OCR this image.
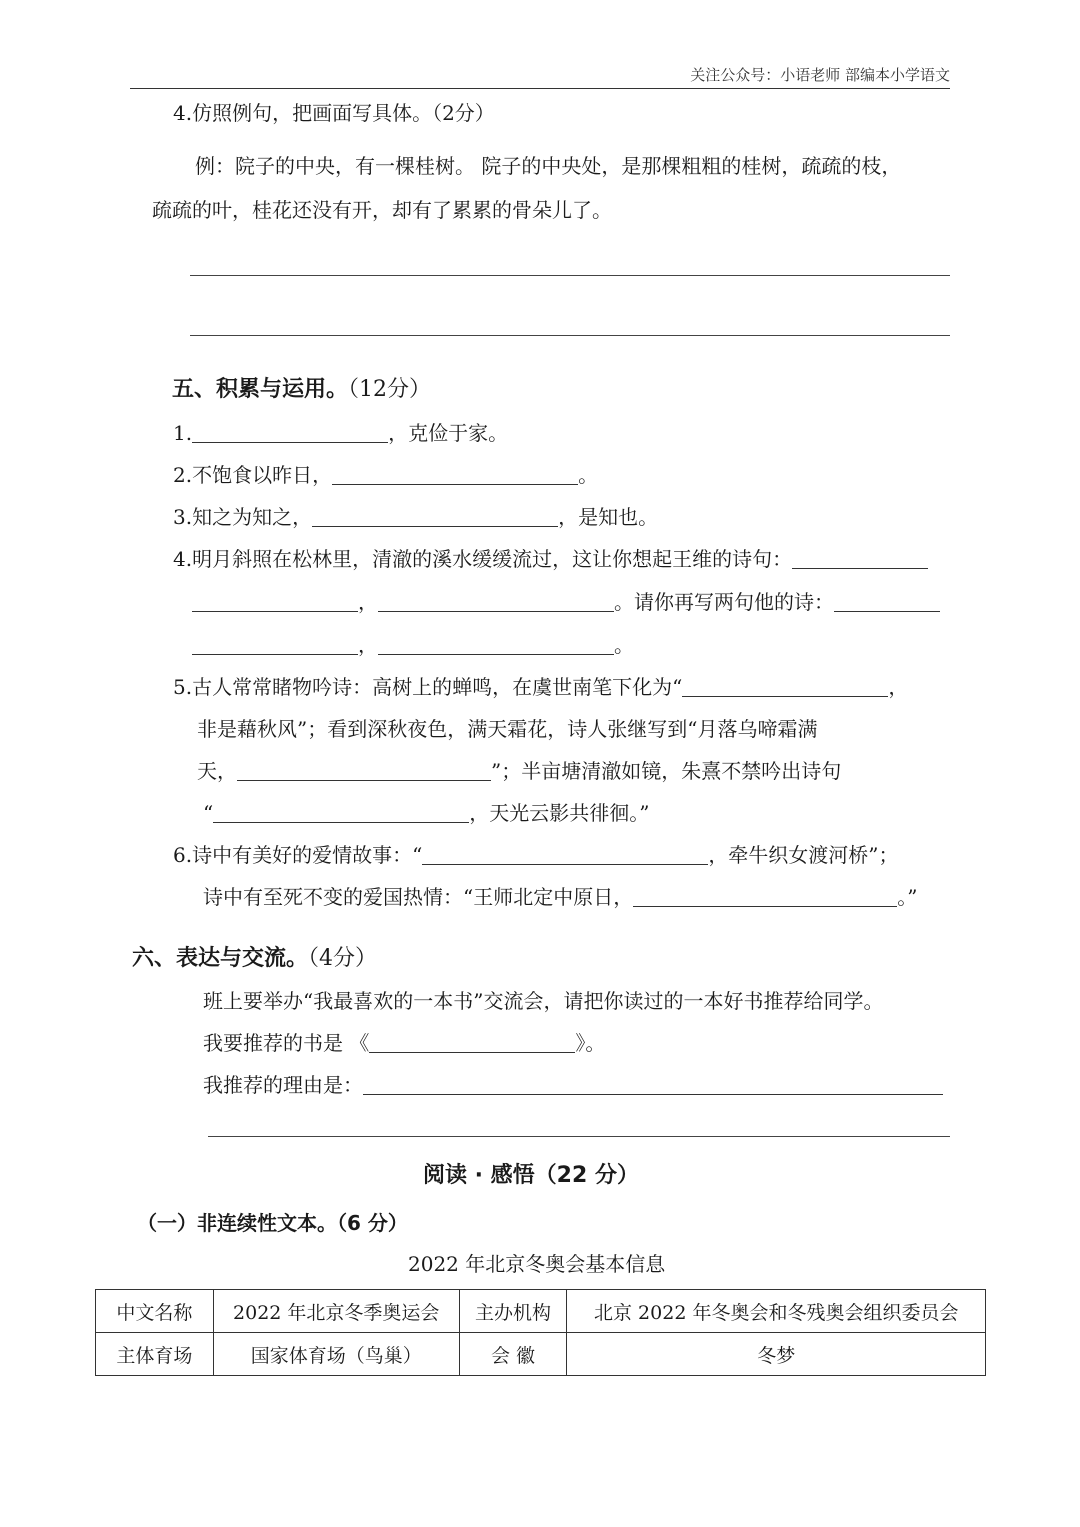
关注公众号：小语老师 部编本小学语文
4.仿照例句，把画面写具体。（2分）
例：院子的中央，有一棵桂树。 院子的中央处，是那棵粗粗的桂树，疏疏的枝，
疏疏的叶，桂花还没有开，却有了累累的骨朵儿了。
五、积累与运用。（12分）
1.	，克俭于家。
2.不饱食以昨日，	。
3.知之为知之，	，是知也。
4.明月斜照在松林里，清澈的溪水缓缓流过，这让你想起王维的诗句：
，	。请你再写两句他的诗：
，	。
5.古人常常睹物吟诗：高树上的蝉鸣，在虞世南笔下化为“	，
非是藉秋风”；看到深秋夜色，满天霜花，诗人张继写到“月落乌啼霜满
天，	”；半亩塘清澈如镜，朱熹不禁吟出诗句
“	，天光云影共徘徊。”
6.诗中有美好的爱情故事：“	，牵牛织女渡河桥”；
诗中有至死不变的爱国热情：“王师北定中原日，	。”
六、表达与交流。（4分）
班上要举办“我最喜欢的一本书”交流会，请把你读过的一本好书推荐给同学。
我要推荐的书是 《	》。
我推荐的理由是：
阅读 · 感悟（22 分）
（一）非连续性文本。（6 分）
2022 年北京冬奥会基本信息
中文名称	2022 年北京冬季奥运会	主办机构	北京 2022 年冬奥会和冬残奥会组织委员会
主体育场	国家体育场（鸟巢）	会 徽	冬梦
